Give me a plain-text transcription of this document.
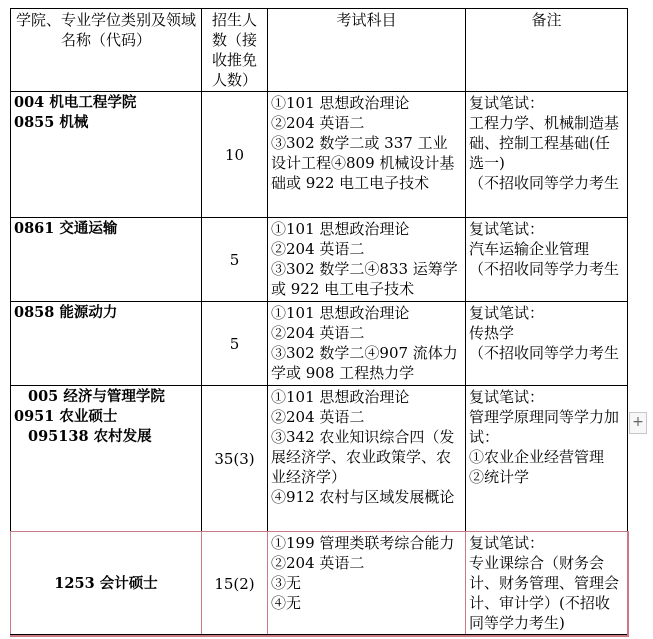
学院、专业学位类别及领域名称（代码）	招生人数（接收推免人数）	考试科目	备注

004 机电工程学院
0855 机械	10	①101 思想政治理论
②204 英语二
③302 数学二或 337 工业设计工程④809 机械设计基础或 922 电工电子技术	复试笔试：
工程力学、机械制造基础、控制工程基础(任选一)
（不招收同等学力考生

0861 交通运输	5	①101 思想政治理论
②204 英语二
③302 数学二④833 运筹学或 922 电工电子技术	复试笔试：
汽车运输企业管理
（不招收同等学力考生

0858 能源动力	5	①101 思想政治理论
②204 英语二
③302 数学二④907 流体力学或 908 工程热力学	复试笔试：
传热学
（不招收同等学力考生

005 经济与管理学院
0951 农业硕士
095138 农村发展	35(3)	①101 思想政治理论
②204 英语二
③342 农业知识综合四（发展经济学、农业政策学、农业经济学）
④912 农村与区域发展概论	复试笔试：
管理学原理同等学力加试：
①农业企业经营管理
②统计学

1253 会计硕士	15(2)	①199 管理类联考综合能力
②204 英语二
③无
④无	复试笔试：
专业课综合（财务会计、财务管理、管理会计、审计学）(不招收同等学力考生)
+
